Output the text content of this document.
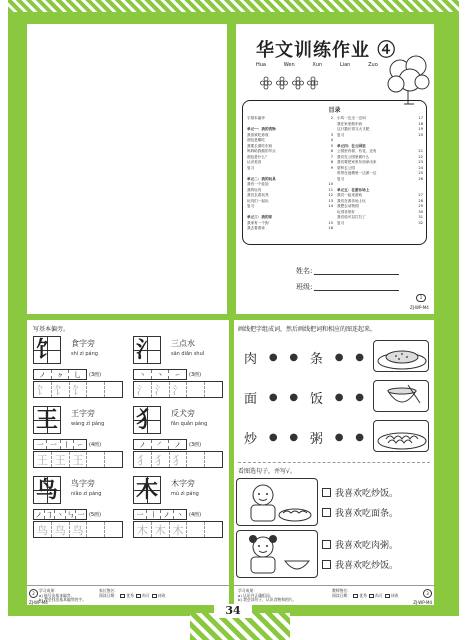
华文训练作业 ④
Hua	Wen	Xun	Lian	Zuo
目录
字基本偏旁	2
单元一：我的食物
我喜欢吃炒饭	3
面包是哪吃	4
我要去面吃东西	5
妈妈给我做的早点	6
面包是什么？	7
认识美食	8
复习	9
单元二：我的玩具
我有一个娃娃	10
我的玩具	11
我们去看玩具	12
玩具们一起玩	13
复习	14
单元三：我的家
我家有一个狗	15
我去看看家	16
小鸡一边走一边叫	17
我在家里做东西	18
这只猫长得又大又肥	19
复习	20
单元四：在公园里
公园里有树、有花、还有	21
我们在公园里做什么	22
我们要把家里东西拿出来	23
望梓去公园	24
哥哥在池塘里一边游一边	25
复习	26
单元五：在游乐场上
我们一起来游戏	27
我们在游乐场上玩	28
我想去动物园	29
玩得非常好	30
我们说可以打扫了	31
复习	32
姓名:
班级:
1
ZJ-WP-M4
写基本偏旁。
饣	食字旁
shí zì páng
ノ	ㇰ	乚	(3画)
饣 饣 饣
氵	三点水
sān diǎn shuǐ
丶	丶	㇀	(3画)
氵 氵 氵
王	王字旁
wáng zì páng
一 一 丨 ㇀	(4画)
王 王 王
犭	反犬旁
fǎn quǎn páng
ノ	㇒	ノ	(3画)
犭 犭 犭
鸟	鸟字旁
niǎo zì páng
ノ ㇆ 丶 ㇉ 一 (5画)
鸟 鸟 鸟
木	木字旁
mù zì páng
一 丨 ノ 丶	(4画)
木 木 木
2
学习成果：
a) 能写出基本偏旁。
b) 我会找出基本偏旁的字。
家长签名：
阅读日期： 优秀 尚可 待改
ZJ-WP-M4
画线把字组成词，然后画线把词和相应的图连起来。
肉 ● ● 条 ● ●
面 ● ● 饭 ● ●
炒 ● ● 粥 ● ●
看图选句子，并写√。
我喜欢吃炒饭。
我喜欢吃面条。
我喜欢吃肉粥。
我喜欢吃炒饭。
学习成果：
a) 认识并正确组词。
b) 我会读句子，认识食物和图片。
教师签名：
阅读日期： 优秀 尚可 待改	3
ZJ-WP-M4
34
